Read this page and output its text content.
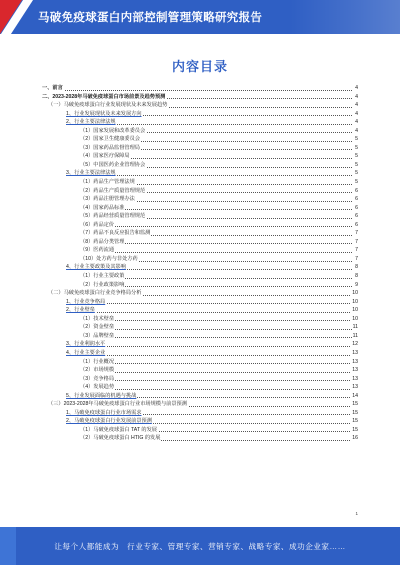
马破免疫球蛋白内部控制管理策略研究报告
内容目录
一、前言	4
二、2023-2028年马破免疫球蛋白市场前景及趋势预测	4
（一）马破免疫球蛋白行业发展现状及未来发展趋势	4
1、行业发展现状及未来发展方向	4
2、行业主要法律法规	4
（1）国家发展和改革委员会	4
（2）国家卫生健康委员会	5
（3）国家药品监督管理局	5
（4）国家医疗保障局	5
（5）中国医药企业管理协会	5
3、行业主要法律法规	5
（1）药品生产管理法规	5
（2）药品生产质量管理规范	6
（3）药品注册管理办法	6
（4）国家药品标准	6
（5）药品经营质量管理规范	6
（6）药品定价	6
（7）药品不良反应报告和监测	7
（8）药品分类管理	7
（9）医药流通	7
（10）处方药与非处方药	7
4、行业主要政策及其影响	8
（1）行业主要政策	8
（2）行业政策影响	9
（二）马破免疫球蛋白行业竞争格局分析	10
1、行业竞争格局	10
2、行业壁垒	10
（1）技术壁垒	10
（2）资金壁垒	11
（3）品牌壁垒	11
3、行业利润水平	12
4、行业主要企业	13
（1）行业概况	13
（2）市场规模	13
（3）竞争格局	13
（4）发展趋势	13
5、行业发展面临的机遇与挑战	14
（三）2023-2028年马破免疫球蛋白行业市场规模与前景预测	15
1、马破免疫球蛋白行业市场需求	15
2、马破免疫球蛋白行业发展前景预测	15
（1）马破免疫球蛋白 TAT 的发展	15
（2）马破免疫球蛋白 HTIG 的发展	16
1
让每个人都能成为　行业专家、管理专家、营销专家、战略专家、成功企业家……
